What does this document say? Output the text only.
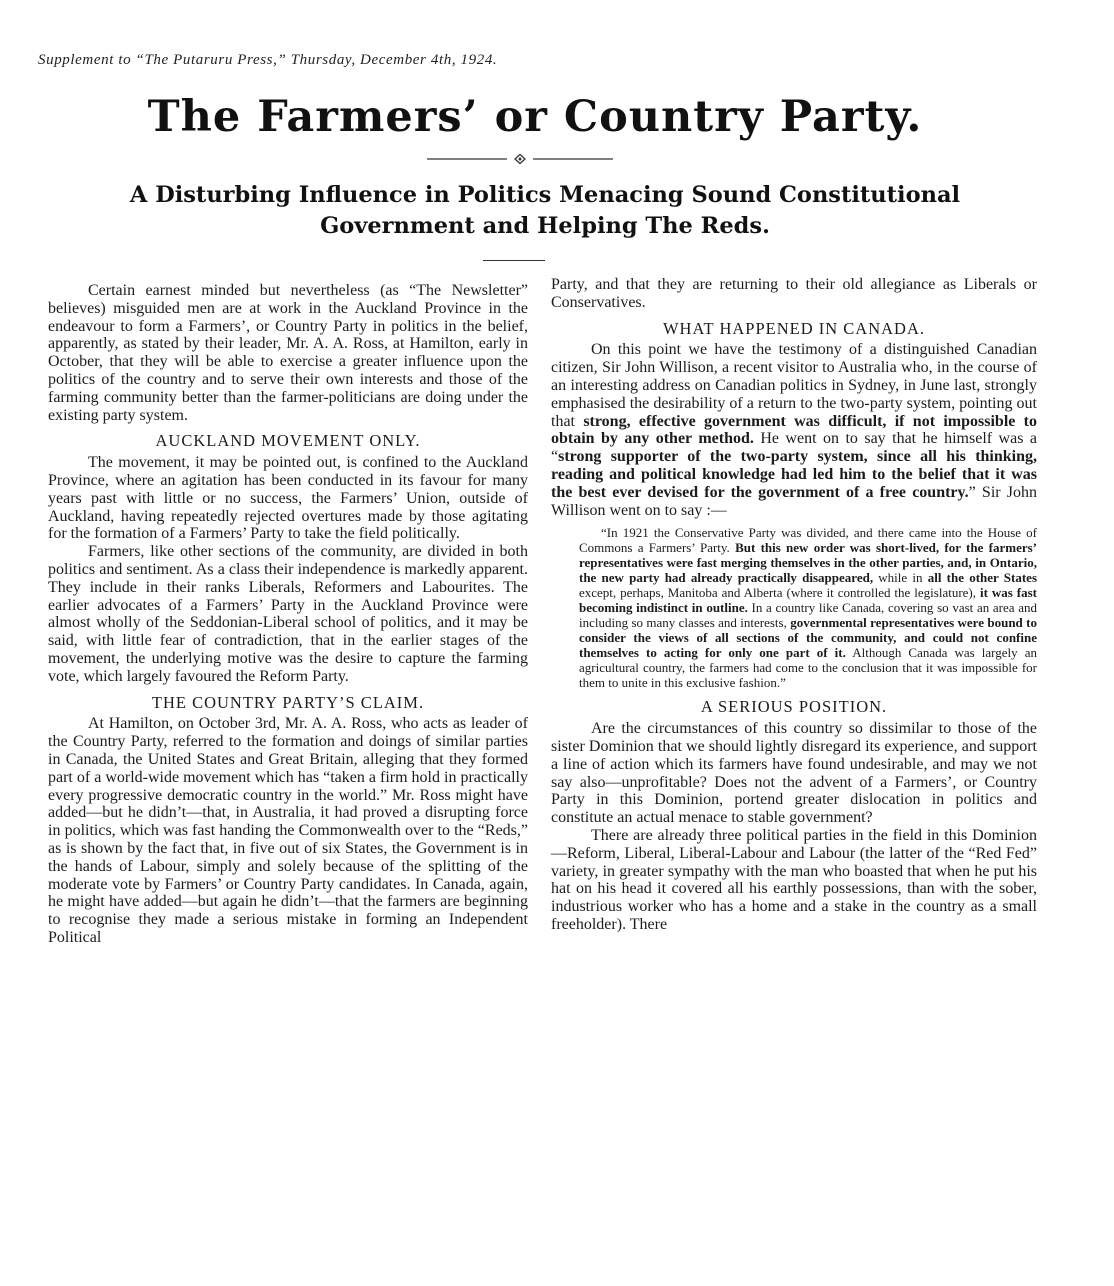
Supplement to “The Putaruru Press,” Thursday, December 4th, 1924.
The Farmers’ or Country Party.
A Disturbing Influence in Politics Menacing Sound Constitutional
Government and Helping The Reds.

Certain earnest minded but nevertheless (as “The Newsletter” believes) misguided men are at work in the Auckland Province in the endeavour to form a Farmers’, or Country Party in politics in the belief, apparently, as stated by their leader, Mr. A. A. Ross, at Hamilton, early in October, that they will be able to exercise a greater influence upon the politics of the country and to serve their own interests and those of the farming community better than the farmer-politicians are doing under the existing party system.

AUCKLAND MOVEMENT ONLY.

The movement, it may be pointed out, is confined to the Auckland Province, where an agitation has been conducted in its favour for many years past with little or no success, the Farmers’ Union, outside of Auckland, having repeatedly rejected overtures made by those agitating for the formation of a Farmers’ Party to take the field politically.

Farmers, like other sections of the community, are divided in both politics and sentiment. As a class their independence is markedly apparent. They include in their ranks Liberals, Reformers and Labourites. The earlier advocates of a Farmers’ Party in the Auckland Province were almost wholly of the Seddonian-Liberal school of politics, and it may be said, with little fear of contradiction, that in the earlier stages of the movement, the underlying motive was the desire to capture the farming vote, which largely favoured the Reform Party.

THE COUNTRY PARTY’S CLAIM.

At Hamilton, on October 3rd, Mr. A. A. Ross, who acts as leader of the Country Party, referred to the formation and doings of similar parties in Canada, the United States and Great Britain, alleging that they formed part of a world-wide movement which has “taken a firm hold in practically every progressive democratic country in the world.” Mr. Ross might have added—but he didn’t—that, in Australia, it had proved a disrupting force in politics, which was fast handing the Commonwealth over to the “Reds,” as is shown by the fact that, in five out of six States, the Government is in the hands of Labour, simply and solely because of the splitting of the moderate vote by Farmers’ or Country Party candidates. In Canada, again, he might have added—but again he didn’t—that the farmers are beginning to recognise they made a serious mistake in forming an Independent Political

Party, and that they are returning to their old allegiance as Liberals or Conservatives.

WHAT HAPPENED IN CANADA.

On this point we have the testimony of a distinguished Canadian citizen, Sir John Willison, a recent visitor to Australia who, in the course of an interesting address on Canadian politics in Sydney, in June last, strongly emphasised the desirability of a return to the two-party system, pointing out that strong, effective government was difficult, if not impossible to obtain by any other method. He went on to say that he himself was a “strong supporter of the two-party system, since all his thinking, reading and political knowledge had led him to the belief that it was the best ever devised for the government of a free country.” Sir John Willison went on to say :—

“In 1921 the Conservative Party was divided, and there came into the House of Commons a Farmers’ Party. But this new order was short-lived, for the farmers’ representatives were fast merging themselves in the other parties, and, in Ontario, the new party had already practically disappeared, while in all the other States except, perhaps, Manitoba and Alberta (where it controlled the legislature), it was fast becoming indistinct in outline. In a country like Canada, covering so vast an area and including so many classes and interests, governmental representatives were bound to consider the views of all sections of the community, and could not confine themselves to acting for only one part of it. Although Canada was largely an agricultural country, the farmers had come to the conclusion that it was impossible for them to unite in this exclusive fashion.”

A SERIOUS POSITION.

Are the circumstances of this country so dissimilar to those of the sister Dominion that we should lightly disregard its experience, and support a line of action which its farmers have found undesirable, and may we not say also—unprofitable? Does not the advent of a Farmers’, or Country Party in this Dominion, portend greater dislocation in politics and constitute an actual menace to stable government?

There are already three political parties in the field in this Dominion—Reform, Liberal, Liberal-Labour and Labour (the latter of the “Red Fed” variety, in greater sympathy with the man who boasted that when he put his hat on his head it covered all his earthly possessions, than with the sober, industrious worker who has a home and a stake in the country as a small freeholder). There
